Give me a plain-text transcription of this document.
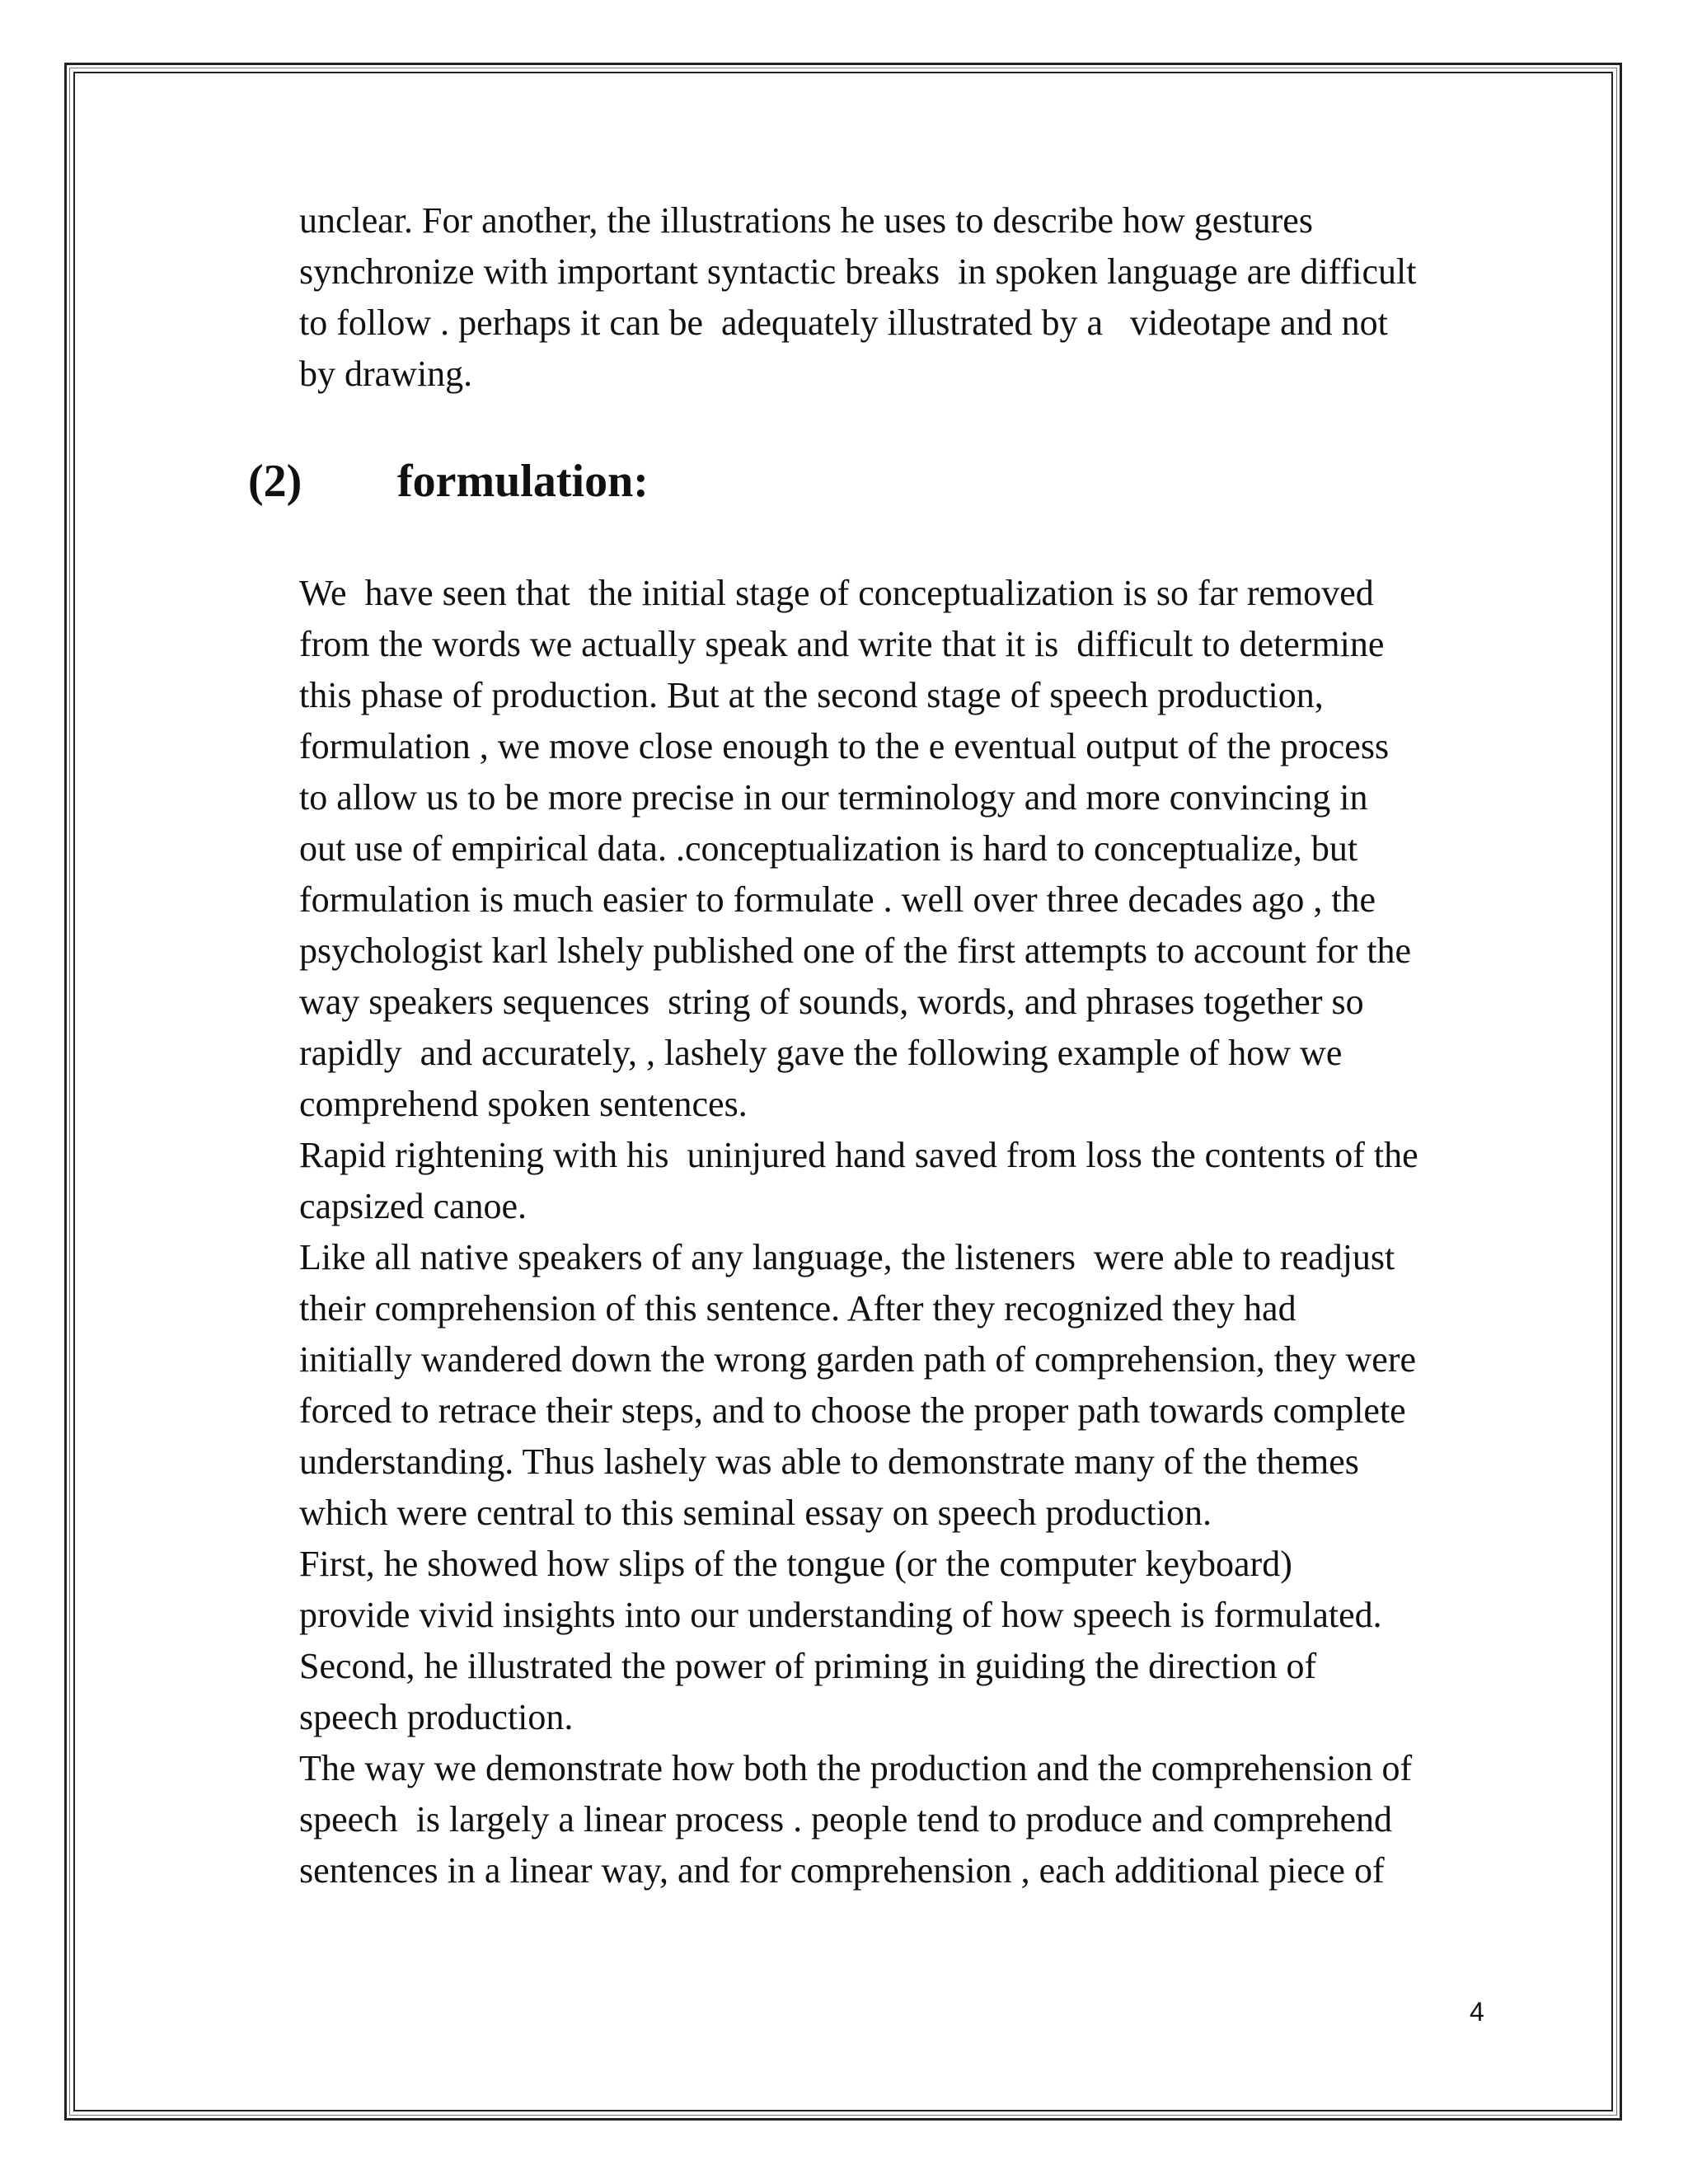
unclear. For another, the illustrations he uses to describe how gestures

synchronize with important syntactic breaks  in spoken language are difficult

to follow . perhaps it can be  adequately illustrated by a   videotape and not

by drawing.

(2) formulation:

We  have seen that  the initial stage of conceptualization is so far removed

from the words we actually speak and write that it is  difficult to determine

this phase of production. But at the second stage of speech production,

formulation , we move close enough to the e eventual output of the process

to allow us to be more precise in our terminology and more convincing in

out use of empirical data. .conceptualization is hard to conceptualize, but

formulation is much easier to formulate . well over three decades ago , the

psychologist karl lshely published one of the first attempts to account for the

way speakers sequences  string of sounds, words, and phrases together so

rapidly  and accurately, , lashely gave the following example of how we

comprehend spoken sentences.

Rapid rightening with his  uninjured hand saved from loss the contents of the

capsized canoe.

Like all native speakers of any language, the listeners  were able to readjust

their comprehension of this sentence. After they recognized they had

initially wandered down the wrong garden path of comprehension, they were

forced to retrace their steps, and to choose the proper path towards complete

understanding. Thus lashely was able to demonstrate many of the themes

which were central to this seminal essay on speech production.

First, he showed how slips of the tongue (or the computer keyboard)

provide vivid insights into our understanding of how speech is formulated.

Second, he illustrated the power of priming in guiding the direction of

speech production.

The way we demonstrate how both the production and the comprehension of

speech  is largely a linear process . people tend to produce and comprehend

sentences in a linear way, and for comprehension , each additional piece of

4
